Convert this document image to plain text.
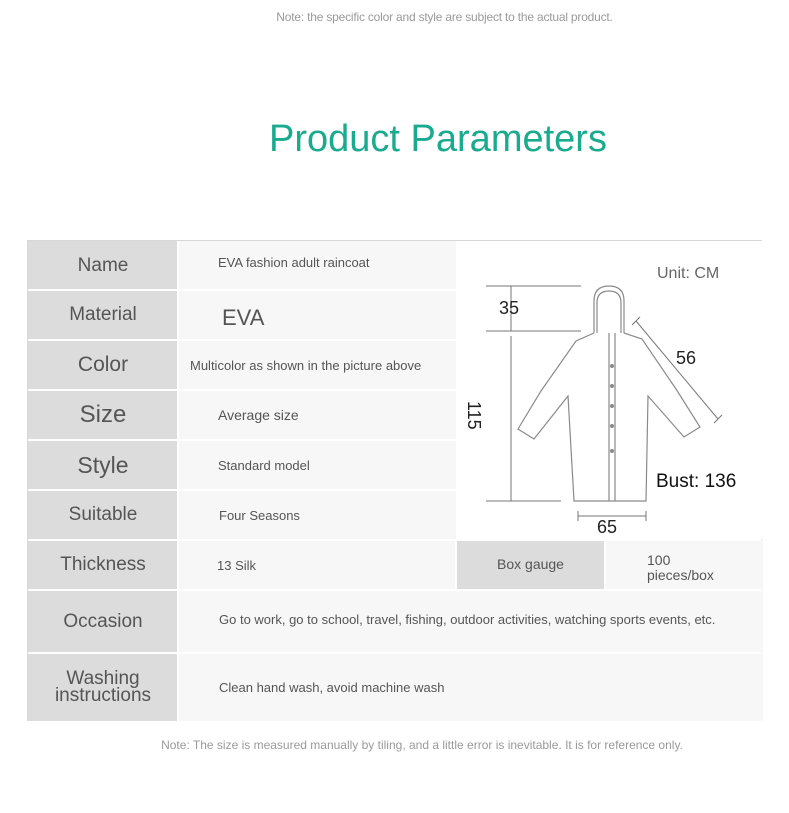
Note: the specific color and style are subject to the actual product.
Product Parameters
Name	EVA fashion adult raincoat
Material	EVA
Color	Multicolor as shown in the picture above
Size	Average size
Style	Standard model
Suitable	Four Seasons
Thickness	13 Silk	Box gauge	100
pieces/box
Occasion	Go to work, go to school, travel, fishing, outdoor activities, watching sports events, etc.
Washing
instructions	Clean hand wash, avoid machine wash
Unit: CM
35
115
56
Bust: 136
65
Note: The size is measured manually by tiling, and a little error is inevitable. It is for reference only.
